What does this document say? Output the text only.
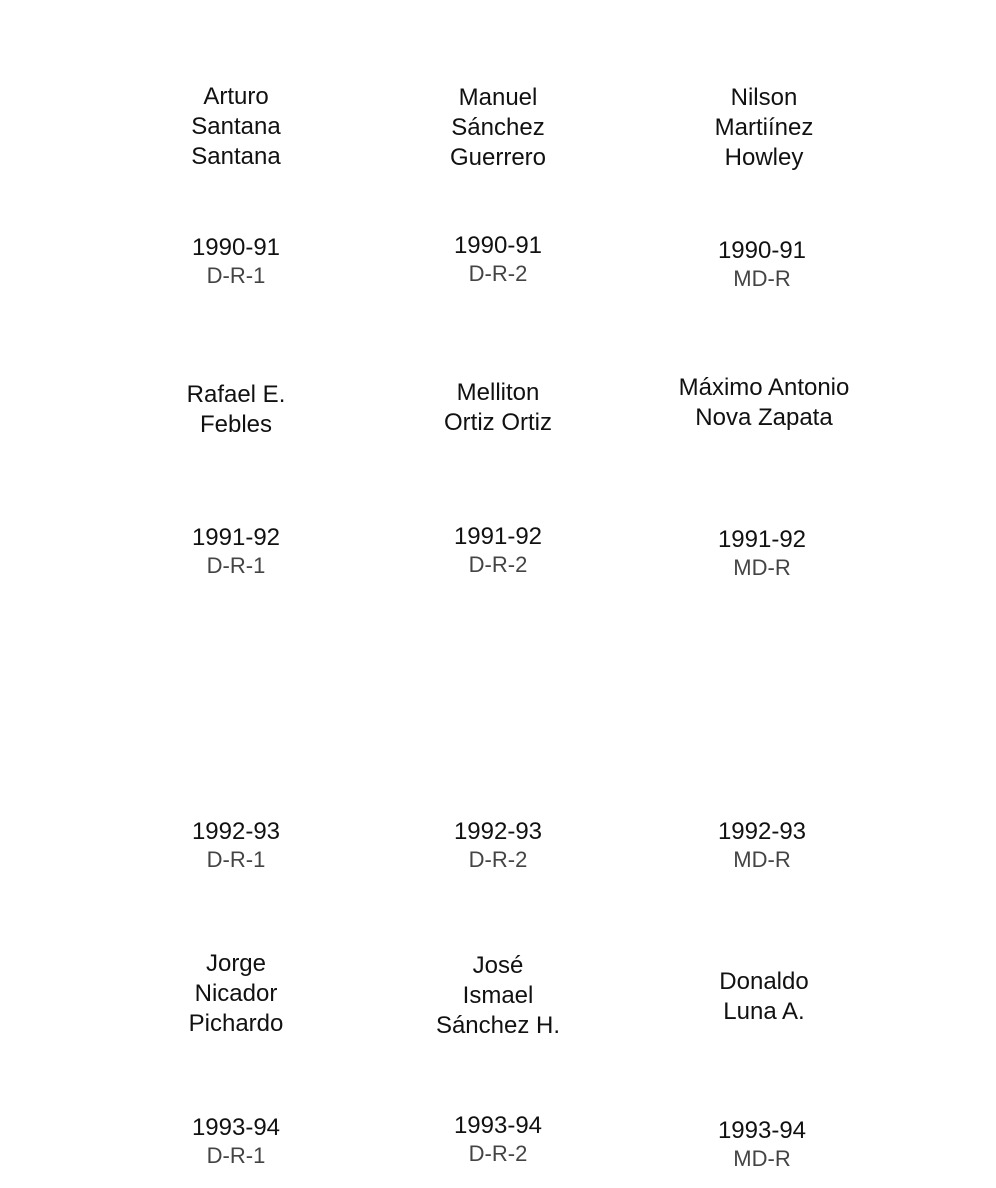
Arturo
Santana
Santana
Manuel
Sánchez
Guerrero
Nilson
Martiínez
Howley
1990-91
D-R-1
1990-91
D-R-2
1990-91
MD-R
Rafael E.
Febles
Melliton
Ortiz Ortiz
Máximo Antonio
Nova Zapata
1991-92
D-R-1
1991-92
D-R-2
1991-92
MD-R
1992-93
D-R-1
1992-93
D-R-2
1992-93
MD-R
Jorge
Nicador
Pichardo
José
Ismael
Sánchez H.
Donaldo
Luna A.
1993-94
D-R-1
1993-94
D-R-2
1993-94
MD-R
